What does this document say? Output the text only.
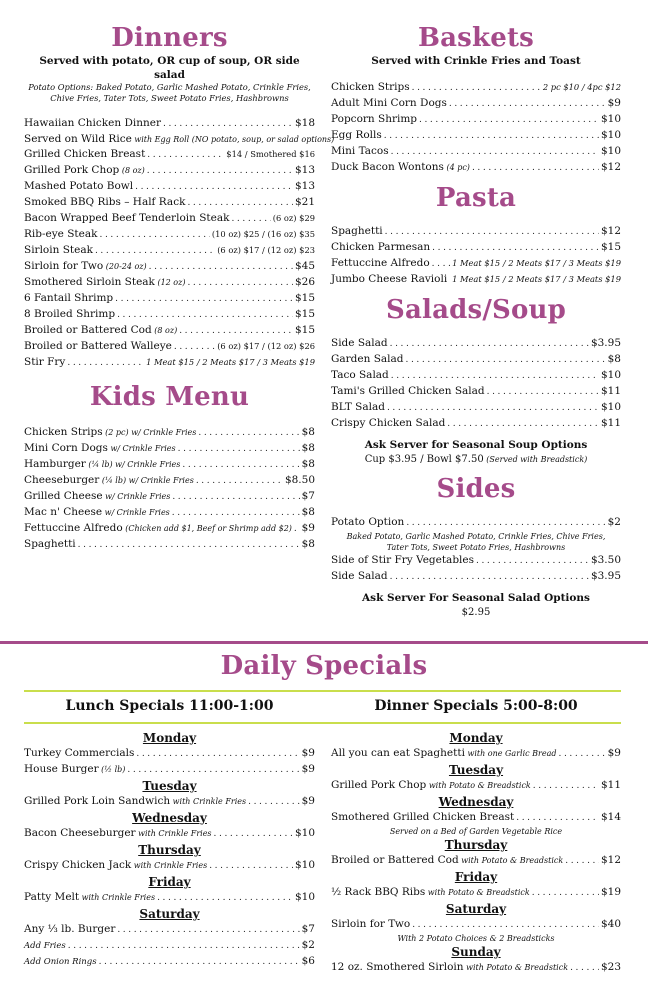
Dinners
Served with potato, OR cup of soup, OR side salad
Potato Options: Baked Potato, Garlic Mashed Potato, Crinkle Fries,
Chive Fries, Tater Tots, Sweet Potato Fries, Hashbrowns
Hawaiian Chicken Dinner .....	$18
Served on Wild Rice with Egg Roll (NO potato, soup, or salad options)
Grilled Chicken Breast .....	$14 / Smothered $16
Grilled Pork Chop (8 oz) .....	$13
Mashed Potato Bowl .....	$13
Smoked BBQ Ribs – Half Rack .....	$21
Bacon Wrapped Beef Tenderloin Steak .....	(6 oz) $29
Rib-eye Steak .....	(10 oz) $25 / (16 oz) $35
Sirloin Steak .....	(6 oz) $17 / (12 oz) $23
Sirloin for Two (20-24 oz) .....	$45
Smothered Sirloin Steak (12 oz) .....	$26
6 Fantail Shrimp .....	$15
8 Broiled Shrimp .....	$15
Broiled or Battered Cod (8 oz) .....	$15
Broiled or Battered Walleye .....	(6 oz) $17 / (12 oz) $26
Stir Fry .....	1 Meat $15 / 2 Meats $17 / 3 Meats $19
Kids Menu
Chicken Strips (2 pc) w/ Crinkle Fries .....	$8
Mini Corn Dogs w/ Crinkle Fries .....	$8
Hamburger (¼ lb) w/ Crinkle Fries .....	$8
Cheeseburger (¼ lb) w/ Crinkle Fries .....	$8.50
Grilled Cheese w/ Crinkle Fries .....	$7
Mac n' Cheese w/ Crinkle Fries .....	$8
Fettuccine Alfredo (Chicken add $1, Beef or Shrimp add $2) ..... $9
Spaghetti .....	$8
Baskets
Served with Crinkle Fries and Toast
Chicken Strips .....	2 pc $10 / 4pc $12
Adult Mini Corn Dogs .....	$9
Popcorn Shrimp .....	$10
Egg Rolls .....	$10
Mini Tacos .....	$10
Duck Bacon Wontons (4 pc) .....	$12
Pasta
Spaghetti .....	$12
Chicken Parmesan .....	$15
Fettuccine Alfredo .....	1 Meat $15 / 2 Meats $17 / 3 Meats $19
Jumbo Cheese Ravioli ..... 1 Meat $15 / 2 Meats $17 / 3 Meats $19
Salads/Soup
Side Salad .....	$3.95
Garden Salad .....	$8
Taco Salad .....	$10
Tami's Grilled Chicken Salad .....	$11
BLT Salad .....	$10
Crispy Chicken Salad .....	$11
Ask Server for Seasonal Soup Options
Cup $3.95 / Bowl $7.50 (Served with Breadstick)
Sides
Potato Option .....	$2
Baked Potato, Garlic Mashed Potato, Crinkle Fries, Chive Fries,
Tater Tots, Sweet Potato Fries, Hashbrowns
Side of Stir Fry Vegetables .....	$3.50
Side Salad .....	$3.95
Ask Server For Seasonal Salad Options
$2.95
Daily Specials
Lunch Specials 11:00-1:00	Dinner Specials 5:00-8:00
Monday
Turkey Commercials .....	$9
House Burger (½ lb) .....	$9
Tuesday
Grilled Pork Loin Sandwich with Crinkle Fries .....	$9
Wednesday
Bacon Cheeseburger with Crinkle Fries .....	$10
Thursday
Crispy Chicken Jack with Crinkle Fries .....	$10
Friday
Patty Melt with Crinkle Fries .....	$10
Saturday
Any ⅓ lb. Burger .....	$7
Add Fries .....	$2
Add Onion Rings .....	$6
Monday
All you can eat Spaghetti with one Garlic Bread .....	$9
Tuesday
Grilled Pork Chop with Potato & Breadstick .....	$11
Wednesday
Smothered Grilled Chicken Breast .....	$14
Served on a Bed of Garden Vegetable Rice
Thursday
Broiled or Battered Cod with Potato & Breadstick .....	$12
Friday
½ Rack BBQ Ribs with Potato & Breadstick .....	$19
Saturday
Sirloin for Two .....	$40
With 2 Potato Choices & 2 Breadsticks
Sunday
12 oz. Smothered Sirloin with Potato & Breadstick .....	$23
